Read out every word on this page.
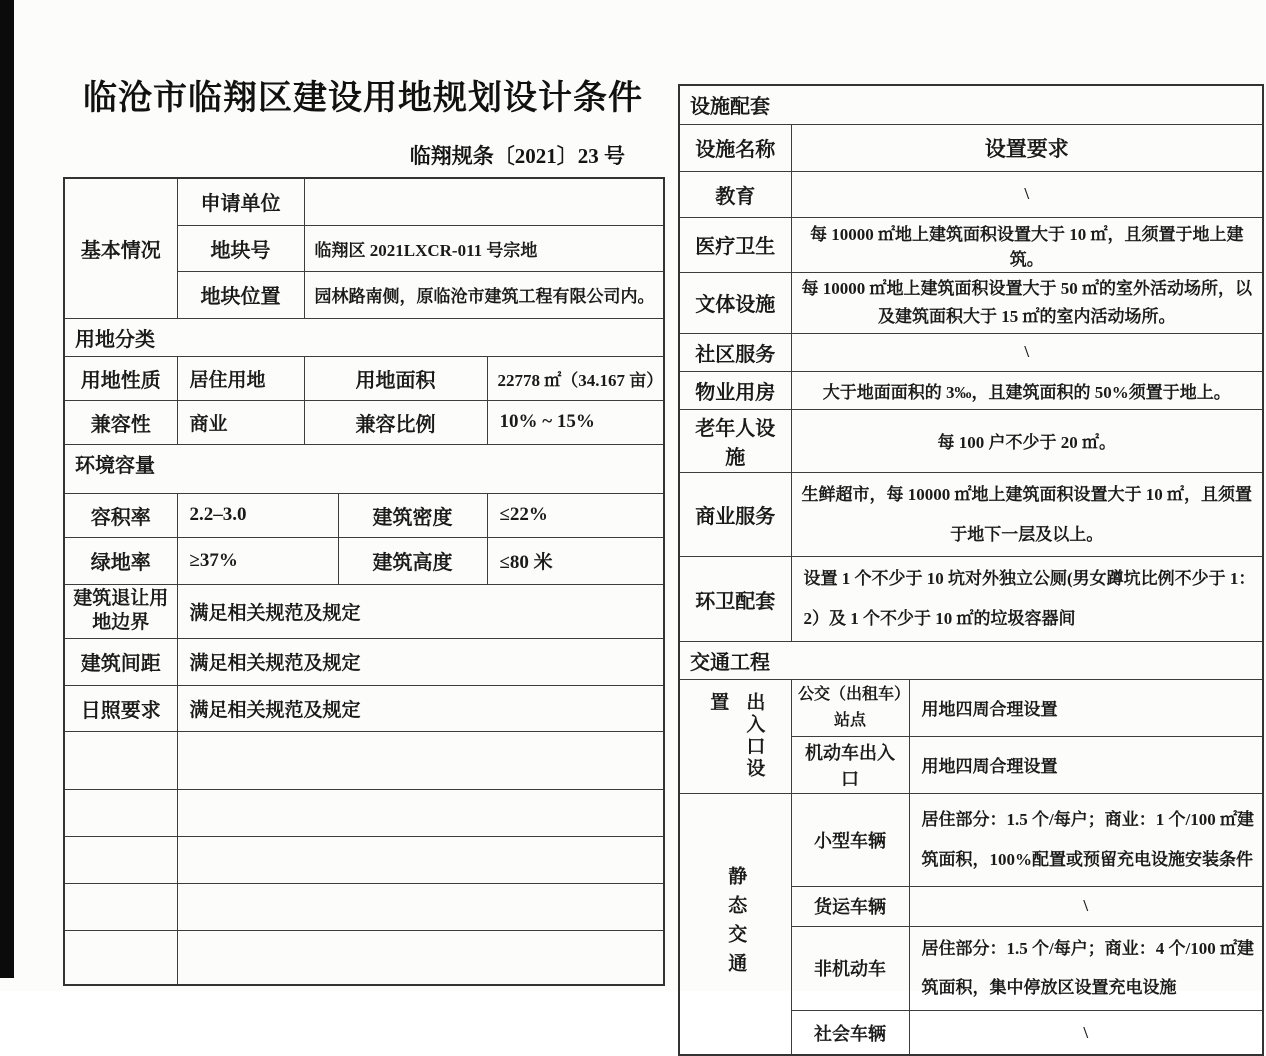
临沧市临翔区建设用地规划设计条件
临翔规条〔2021〕23 号
基本情况	申请单位			
	地块号	临翔区 2021LXCR-011 号宗地		
	地块位置	园林路南侧，原临沧市建筑工程有限公司内。		
用地分类				
用地性质	居住用地	用地面积		22778 ㎡（34.167 亩）
兼容性	商业	兼容比例		10% ~ 15%
环境容量				
容积率	2.2–3.0		建筑密度	≤22%
绿地率	≥37%		建筑高度	≤80 米
建筑退让用地边界	满足相关规范及规定			
建筑间距	满足相关规范及规定			
日照要求	满足相关规范及规定			

设施配套		
设施名称	设置要求	
教育	\	
医疗卫生	每 10000 ㎡地上建筑面积设置大于 10 ㎡，且须置于地上建筑。	
文体设施	每 10000 ㎡地上建筑面积设置大于 50 ㎡的室外活动场所，以及建筑面积大于 15 ㎡的室内活动场所。	
社区服务	\	
物业用房	大于地面面积的 3‰，且建筑面积的 50%须置于地上。	
老年人设施	每 100 户不少于 20 ㎡。	
商业服务	生鲜超市，每 10000 ㎡地上建筑面积设置大于 10 ㎡，且须置于地下一层及以上。	
环卫配套	设置 1 个不少于 10 坑对外独立公厕(男女蹲坑比例不少于 1：2）及 1 个不少于 10 ㎡的垃圾容器间	
交通工程		

出入口设置	公交（出租车）站点	用地四周合理设置
	机动车出入口	用地四周合理设置

静态交通	小型车辆	居住部分：1.5 个/每户；商业：1 个/100 ㎡建筑面积，100%配置或预留充电设施安装条件
	货运车辆	\
	非机动车	居住部分：1.5 个/每户；商业：4 个/100 ㎡建筑面积，集中停放区设置充电设施
	社会车辆	\
